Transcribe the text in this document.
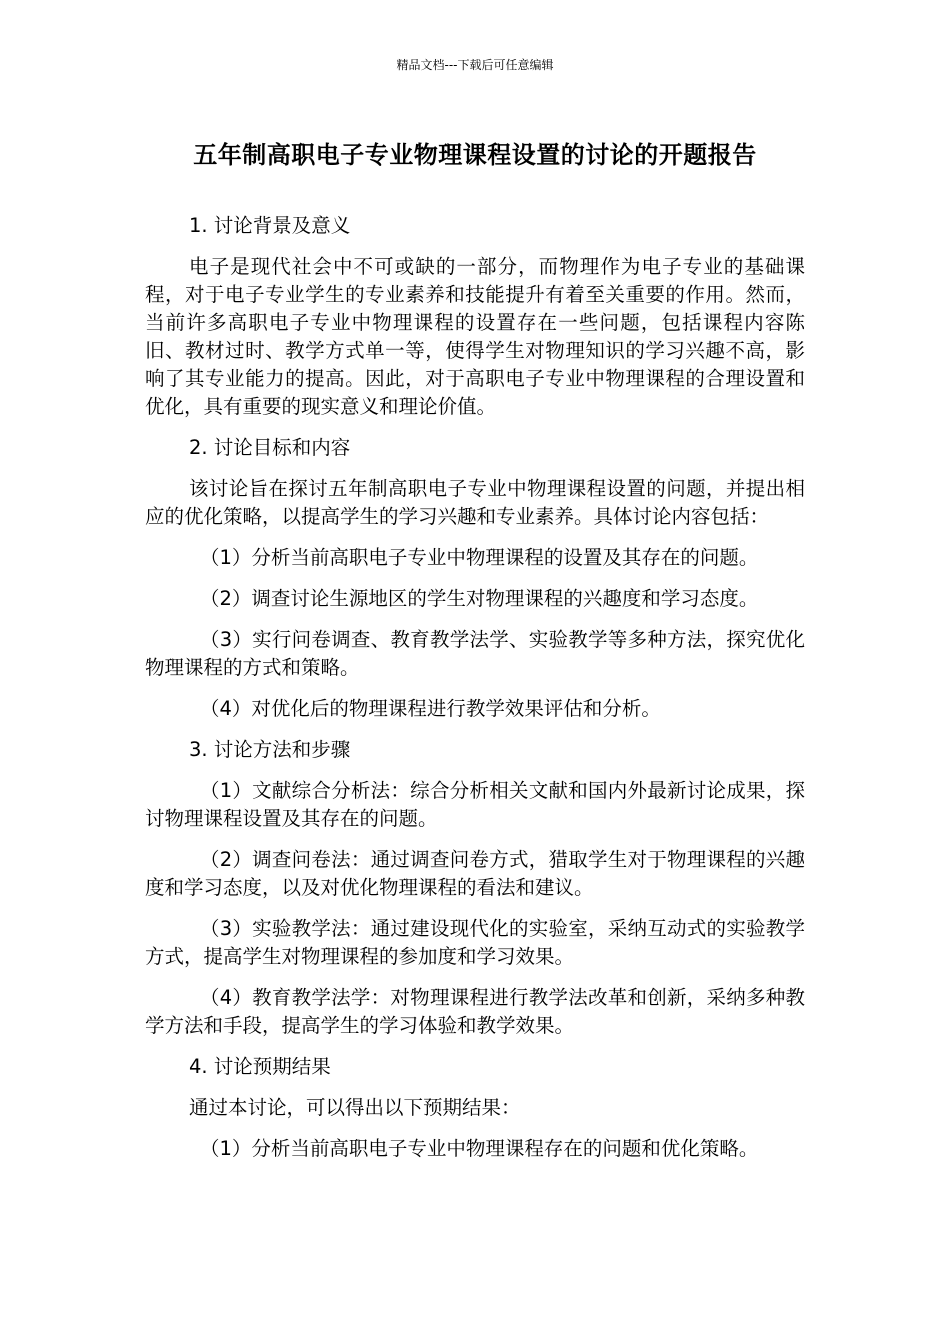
精品文档---下载后可任意编辑
五年制高职电子专业物理课程设置的讨论的开题报告

1. 讨论背景及意义

电子是现代社会中不可或缺的一部分，而物理作为电子专业的基础课程，对于电子专业学生的专业素养和技能提升有着至关重要的作用。然而，当前许多高职电子专业中物理课程的设置存在一些问题，包括课程内容陈旧、教材过时、教学方式单一等，使得学生对物理知识的学习兴趣不高，影响了其专业能力的提高。因此，对于高职电子专业中物理课程的合理设置和优化，具有重要的现实意义和理论价值。

2. 讨论目标和内容

该讨论旨在探讨五年制高职电子专业中物理课程设置的问题，并提出相应的优化策略，以提高学生的学习兴趣和专业素养。具体讨论内容包括：

（1）分析当前高职电子专业中物理课程的设置及其存在的问题。

（2）调查讨论生源地区的学生对物理课程的兴趣度和学习态度。

（3）实行问卷调查、教育教学法学、实验教学等多种方法，探究优化物理课程的方式和策略。

（4）对优化后的物理课程进行教学效果评估和分析。

3. 讨论方法和步骤

（1）文献综合分析法：综合分析相关文献和国内外最新讨论成果，探讨物理课程设置及其存在的问题。

（2）调查问卷法：通过调查问卷方式，猎取学生对于物理课程的兴趣度和学习态度，以及对优化物理课程的看法和建议。

（3）实验教学法：通过建设现代化的实验室，采纳互动式的实验教学方式，提高学生对物理课程的参加度和学习效果。

（4）教育教学法学：对物理课程进行教学法改革和创新，采纳多种教学方法和手段，提高学生的学习体验和教学效果。

4. 讨论预期结果

通过本讨论，可以得出以下预期结果：

（1）分析当前高职电子专业中物理课程存在的问题和优化策略。
